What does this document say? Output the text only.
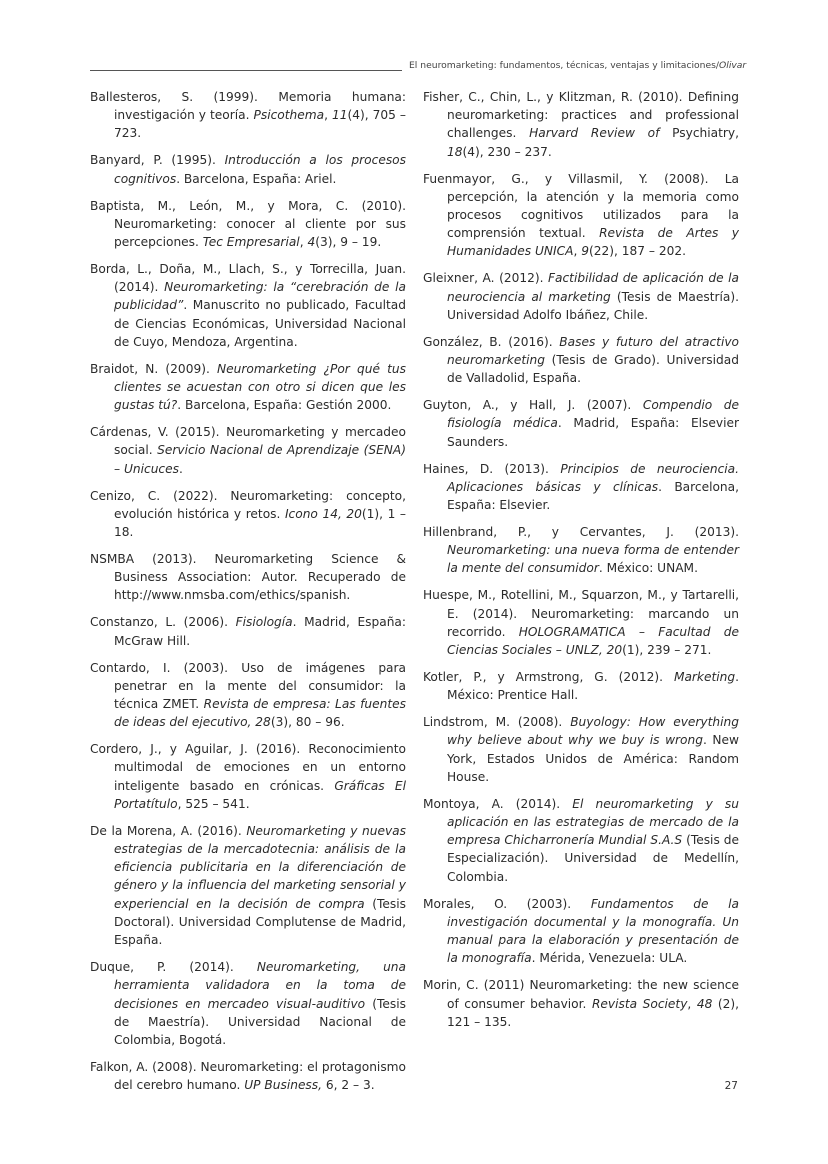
El neuromarketing: fundamentos, técnicas, ventajas y limitaciones/Olivar

Ballesteros, S. (1999). Memoria humana: investigación y teoría. Psicothema, 11(4), 705 – 723.

Banyard, P. (1995). Introducción a los procesos cognitivos. Barcelona, España: Ariel.

Baptista, M., León, M., y Mora, C. (2010). Neuromarketing: conocer al cliente por sus percepciones. Tec Empresarial, 4(3), 9 – 19.

Borda, L., Doña, M., Llach, S., y Torrecilla, Juan. (2014). Neuromarketing: la “cerebración de la publicidad”. Manuscrito no publicado, Facultad de Ciencias Económicas, Universidad Nacional de Cuyo, Mendoza, Argentina.

Braidot, N. (2009). Neuromarketing ¿Por qué tus clientes se acuestan con otro si dicen que les gustas tú?. Barcelona, España: Gestión 2000.

Cárdenas, V. (2015). Neuromarketing y mercadeo social. Servicio Nacional de Aprendizaje (SENA) – Unicuces.

Cenizo, C. (2022). Neuromarketing: concepto, evolución histórica y retos. Icono 14, 20(1), 1 – 18.

NSMBA (2013). Neuromarketing Science & Business Association: Autor. Recuperado de http://www.nmsba.com/ethics/spanish.

Constanzo, L. (2006). Fisiología. Madrid, España: McGraw Hill.

Contardo, I. (2003). Uso de imágenes para penetrar en la mente del consumidor: la técnica ZMET. Revista de empresa: Las fuentes de ideas del ejecutivo, 28(3), 80 – 96.

Cordero, J., y Aguilar, J. (2016). Reconocimiento multimodal de emociones en un entorno inteligente basado en crónicas. Gráficas El Portatítulo, 525 – 541.

De la Morena, A. (2016). Neuromarketing y nuevas estrategias de la mercadotecnia: análisis de la eficiencia publicitaria en la diferenciación de género y la influencia del marketing sensorial y experiencial en la decisión de compra (Tesis Doctoral). Universidad Complutense de Madrid, España.

Duque, P. (2014). Neuromarketing, una herramienta validadora en la toma de decisiones en mercadeo visual-auditivo (Tesis de Maestría). Universidad Nacional de Colombia, Bogotá.

Falkon, A. (2008). Neuromarketing: el protagonismo del cerebro humano. UP Business, 6, 2 – 3.

Fisher, C., Chin, L., y Klitzman, R. (2010). Defining neuromarketing: practices and professional challenges. Harvard Review of Psychiatry, 18(4), 230 – 237.

Fuenmayor, G., y Villasmil, Y. (2008). La percepción, la atención y la memoria como procesos cognitivos utilizados para la comprensión textual. Revista de Artes y Humanidades UNICA, 9(22), 187 – 202.

Gleixner, A. (2012). Factibilidad de aplicación de la neurociencia al marketing (Tesis de Maestría). Universidad Adolfo Ibáñez, Chile.

González, B. (2016). Bases y futuro del atractivo neuromarketing (Tesis de Grado). Universidad de Valladolid, España.

Guyton, A., y Hall, J. (2007). Compendio de fisiología médica. Madrid, España: Elsevier Saunders.

Haines, D. (2013). Principios de neurociencia. Aplicaciones básicas y clínicas. Barcelona, España: Elsevier.

Hillenbrand, P., y Cervantes, J. (2013). Neuromarketing: una nueva forma de entender la mente del consumidor. México: UNAM.

Huespe, M., Rotellini, M., Squarzon, M., y Tartarelli, E. (2014). Neuromarketing: marcando un recorrido. HOLOGRAMATICA – Facultad de Ciencias Sociales – UNLZ, 20(1), 239 – 271.

Kotler, P., y Armstrong, G. (2012). Marketing. México: Prentice Hall.

Lindstrom, M. (2008). Buyology: How everything why believe about why we buy is wrong. New York, Estados Unidos de América: Random House.

Montoya, A. (2014). El neuromarketing y su aplicación en las estrategias de mercado de la empresa Chicharronería Mundial S.A.S (Tesis de Especialización). Universidad de Medellín, Colombia.

Morales, O. (2003). Fundamentos de la investigación documental y la monografía. Un manual para la elaboración y presentación de la monografía. Mérida, Venezuela: ULA.

Morin, C. (2011) Neuromarketing: the new science of consumer behavior. Revista Society, 48 (2), 121 – 135.

27
